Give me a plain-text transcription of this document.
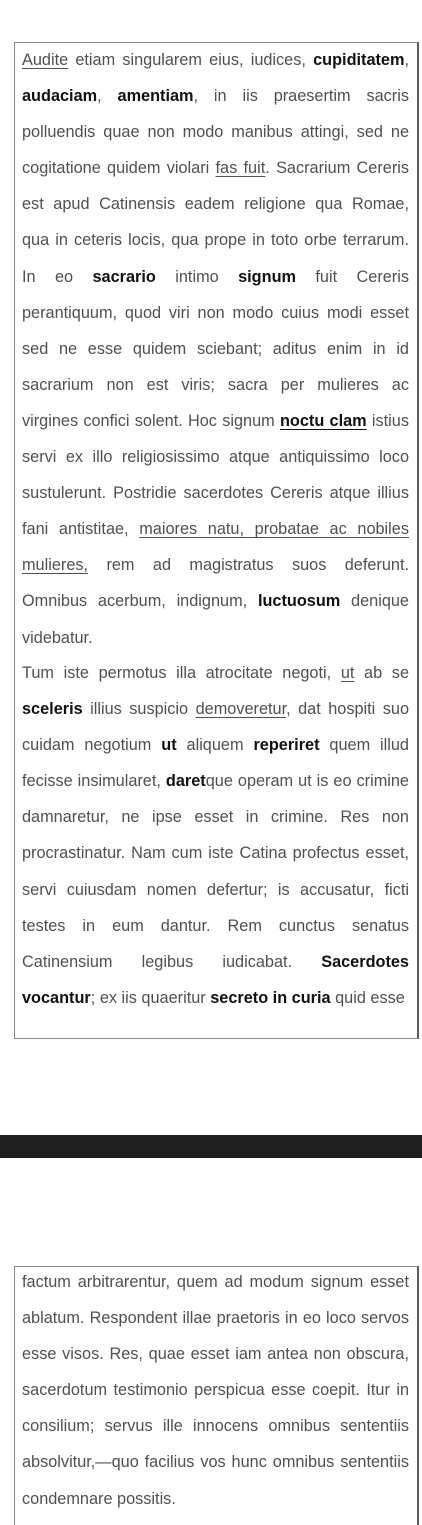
Audite etiam singularem eius, iudices, cupiditatem, audaciam, amentiam, in iis praesertim sacris polluendis quae non modo manibus attingi, sed ne cogitatione quidem violari fas fuit. Sacrarium Cereris est apud Catinensis eadem religione qua Romae, qua in ceteris locis, qua prope in toto orbe terrarum. In eo sacrario intimo signum fuit Cereris perantiquum, quod viri non modo cuius modi esset sed ne esse quidem sciebant; aditus enim in id sacrarium non est viris; sacra per mulieres ac virgines confici solent. Hoc signum noctu clam istius servi ex illo religiosissimo atque antiquissimo loco sustulerunt. Postridie sacerdotes Cereris atque illius fani antistitae, maiores natu, probatae ac nobiles mulieres, rem ad magistratus suos deferunt. Omnibus acerbum, indignum, luctuosum denique videbatur.

Tum iste permotus illa atrocitate negoti, ut ab se sceleris illius suspicio demoveretur, dat hospiti suo cuidam negotium ut aliquem reperiret quem illud fecisse insimularet, daretque operam ut is eo crimine damnaretur, ne ipse esset in crimine. Res non procrastinatur. Nam cum iste Catina profectus esset, servi cuiusdam nomen defertur; is accusatur, ficti testes in eum dantur. Rem cunctus senatus Catinensium legibus iudicabat. Sacerdotes vocantur; ex iis quaeritur secreto in curia quid esse

factum arbitrarentur, quem ad modum signum esset ablatum. Respondent illae praetoris in eo loco servos esse visos. Res, quae esset iam antea non obscura, sacerdotum testimonio perspicua esse coepit. Itur in consilium; servus ille innocens omnibus sententiis absolvitur,—quo facilius vos hunc omnibus sententiis condemnare possitis.
